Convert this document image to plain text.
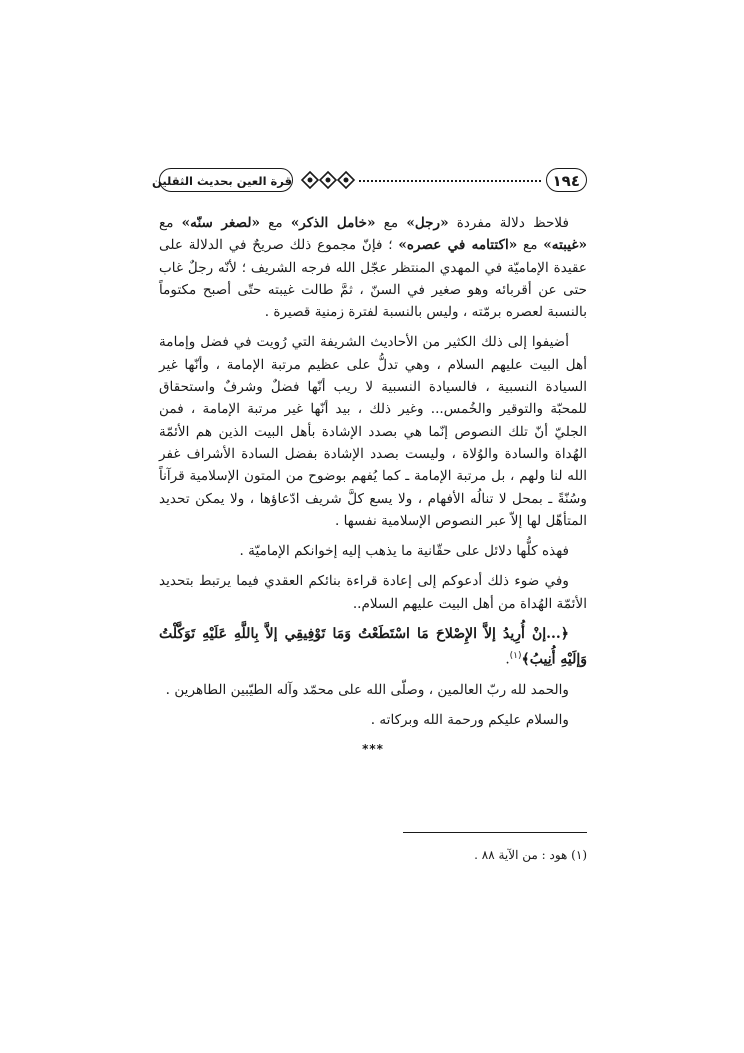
١٩٤
قرة العين بحديث الثقلين

فلاحظ دلالة مفردة «رجل» مع «خامل الذكر» مع «لصغر سنّه» مع «غيبته» مع «اكتتامه في عصره» ؛ فإنّ مجموع ذلك صريحٌ في الدلالة على عقيدة الإماميّة في المهدي المنتظر عجّل الله فرجه الشريف ؛ لأنّه رجلٌ غاب حتى عن أقربائه وهو صغير في السنّ ، ثمَّ طالت غيبته حتّى أصبح مكتوماً بالنسبة لعصره برمّته ، وليس بالنسبة لفترة زمنية قصيرة .

أضيفوا إلى ذلك الكثير من الأحاديث الشريفة التي رُويت في فضل وإمامة أهل البيت عليهم السلام ، وهي تدلُّ على عظيم مرتبة الإمامة ، وأنّها غير السيادة النسبية ، فالسيادة النسبية لا ريب أنّها فضلٌ وشرفٌ واستحقاق للمحبّة والتوقير والخُمس... وغير ذلك ، بيد أنّها غير مرتبة الإمامة ، فمن الجليّ أنّ تلك النصوص إنّما هي بصدد الإشادة بأهل البيت الذين هم الأئمّة الهُداة والسادة والوُلاة ، وليست بصدد الإشادة بفضل السادة الأشراف غفر الله لنا ولهم ، بل مرتبة الإمامة ـ كما يُفهم بوضوح من المتون الإسلامية قرآناً وسُنّةً ـ بمحل لا تنالُه الأفهام ، ولا يسع كلَّ شريف ادّعاؤها ، ولا يمكن تحديد المتأهّل لها إلاّ عبر النصوص الإسلامية نفسها .

فهذه كلُّها دلائل على حقّانية ما يذهب إليه إخوانكم الإماميّة .

وفي ضوء ذلك أدعوكم إلى إعادة قراءة بنائكم العقدي فيما يرتبط بتحديد الأئمّة الهُداة من أهل البيت عليهم السلام..

﴿...إنْ أُرِيدُ إلاَّ الإِصْلاحَ مَا اسْتَطَعْتُ وَمَا تَوْفِيقِي إلاَّ بِاللَّهِ عَلَيْهِ تَوَكَّلْتُ وَإلَيْهِ أُنِيبُ﴾$^{(١)}$.

والحمد لله ربّ العالمين ، وصلّى الله على محمّد وآله الطيّبين الطاهرين .

والسلام عليكم ورحمة الله وبركاته .

***
(١) هود : من الآية ٨٨ .
